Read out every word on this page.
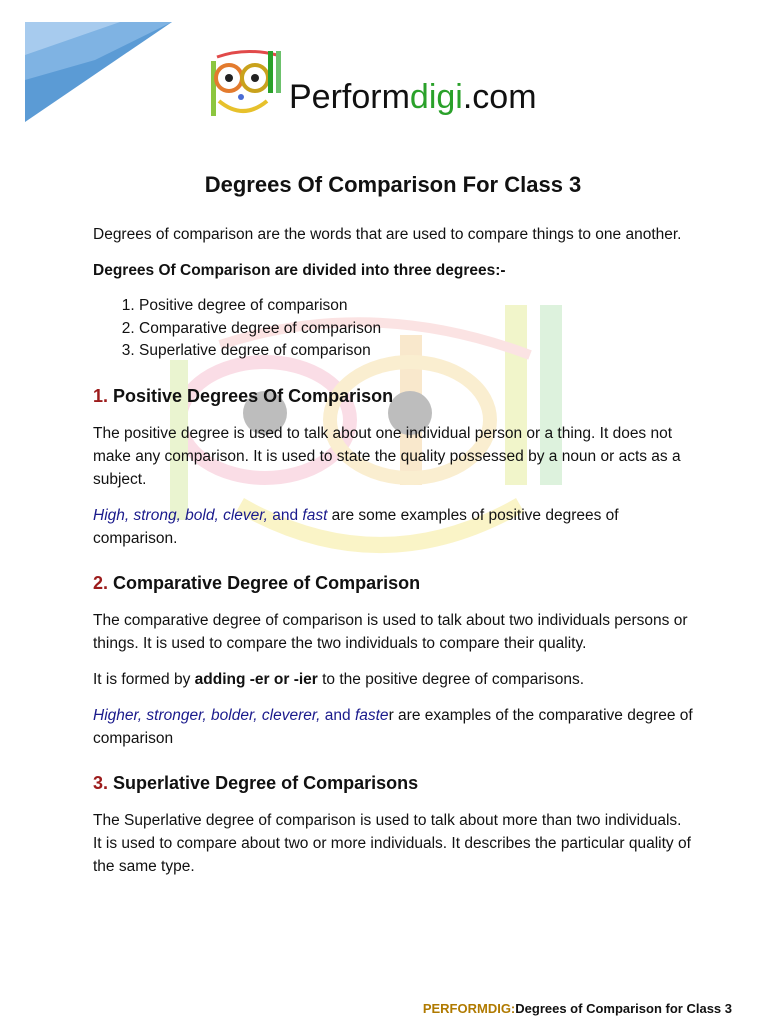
Performdigi.com
Degrees Of Comparison For Class 3

Degrees of comparison are the words that are used to compare things to one another.

Degrees Of Comparison are divided into three degrees:-

1. Positive degree of comparison
2. Comparative degree of comparison
3. Superlative degree of comparison
1. Positive Degrees Of Comparison

The positive degree is used to talk about one individual person or a thing. It does not make any comparison. It is used to state the quality possessed by a noun or acts as a subject.

High, strong, bold, clever, and fast are some examples of positive degrees of comparison.

2. Comparative Degree of Comparison

The comparative degree of comparison is used to talk about two individuals persons or things. It is used to compare the two individuals to compare their quality.

It is formed by adding -er or -ier to the positive degree of comparisons.

Higher, stronger, bolder, cleverer, and faster are examples of the comparative degree of comparison

3. Superlative Degree of Comparisons

The Superlative degree of comparison is used to talk about more than two individuals. It is used to compare about two or more individuals. It describes the particular quality of the same type.

PERFORMDIG:Degrees of Comparison for Class 3
